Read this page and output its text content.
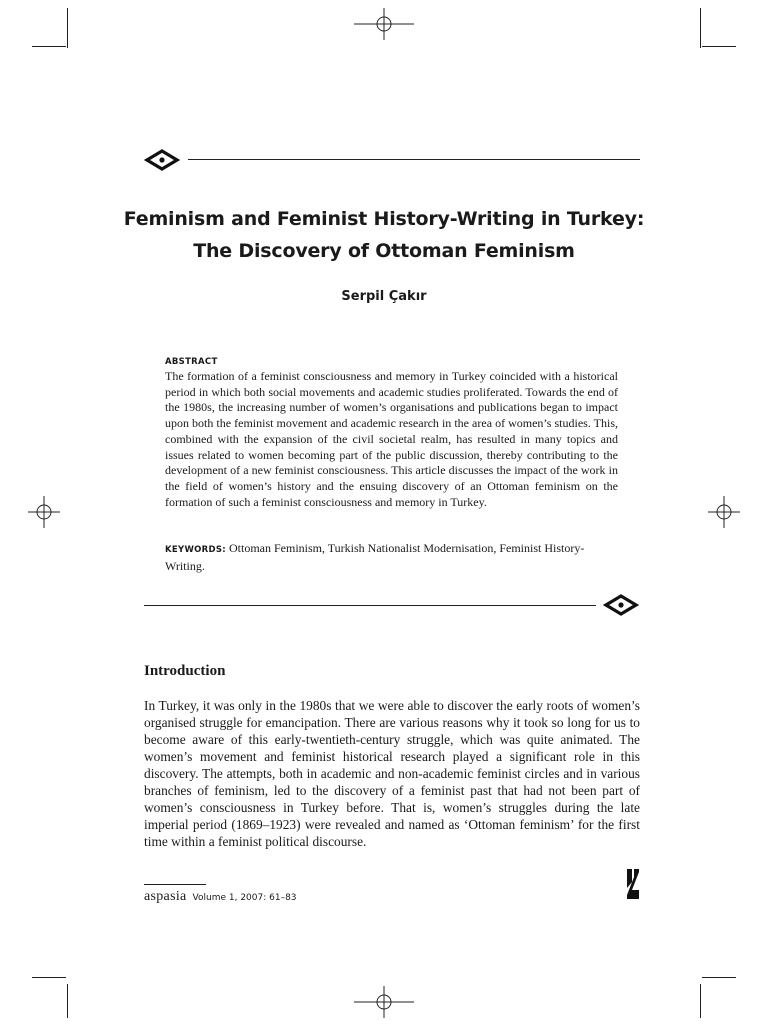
Feminism and Feminist History-Writing in Turkey:
The Discovery of Ottoman Feminism
Serpil Çakır
ABSTRACT
The formation of a feminist consciousness and memory in Turkey coincided with a historical period in which both social movements and academic studies proliferated. Towards the end of the 1980s, the increasing number of women’s organisations and publications began to impact upon both the feminist movement and academic research in the area of women’s studies. This, combined with the expansion of the civil societal realm, has resulted in many topics and issues related to women becoming part of the public discussion, thereby contributing to the development of a new feminist consciousness. This article discusses the impact of the work in the field of women’s history and the ensuing discovery of an Ottoman feminism on the formation of such a feminist consciousness and memory in Turkey.
KEYWORDS: Ottoman Feminism, Turkish Nationalist Modernisation, Feminist History-Writing.
Introduction
In Turkey, it was only in the 1980s that we were able to discover the early roots of women’s organised struggle for emancipation. There are various reasons why it took so long for us to become aware of this early-twentieth-century struggle, which was quite animated. The women’s movement and feminist historical research played a significant role in this discovery. The attempts, both in academic and non-academic feminist circles and in various branches of feminism, led to the discovery of a feminist past that had not been part of women’s consciousness in Turkey before. That is, women’s struggles during the late imperial period (1869–1923) were revealed and named as ‘Ottoman feminism’ for the first time within a feminist political discourse.
aspasia Volume 1, 2007: 61–83
